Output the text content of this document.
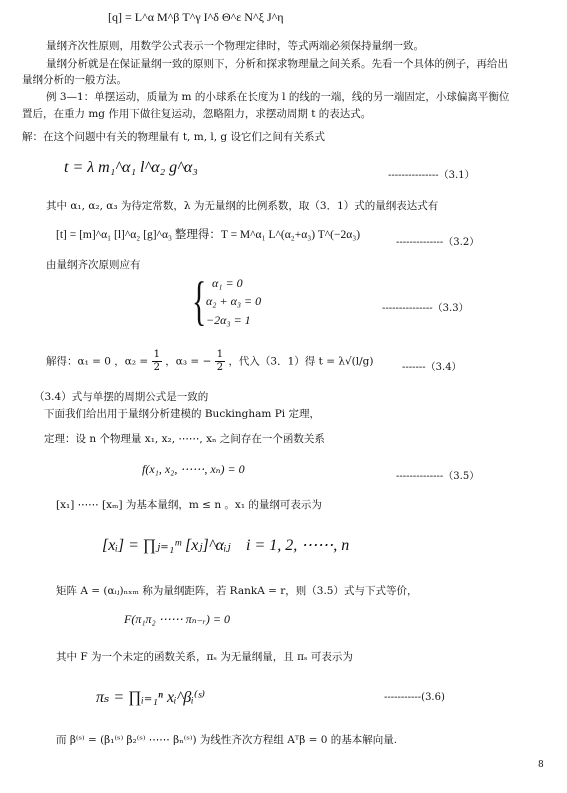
[q] = L^α M^β T^γ I^δ Θ^ε N^ξ J^η
量纲齐次性原则，用数学公式表示一个物理定律时，等式两端必须保持量纲一致。
量纲分析就是在保证量纲一致的原则下，分析和探求物理量之间关系。先看一个具体的例子，再给出
量纲分析的一般方法。
例 3—1：单摆运动，质量为 m 的小球系在长度为 l 的线的一端，线的另一端固定，小球偏离平衡位
置后，在重力 mg 作用下做往复运动，忽略阻力，求摆动周期 t 的表达式。
解：在这个问题中有关的物理量有 t, m, l, g 设它们之间有关系式
t = λ m₁^α₁ l^α₂ g^α₃	---------------（3.1）
其中 α₁, α₂, α₃ 为待定常数，λ 为无量纲的比例系数，取（3．1）式的量纲表达式有
[t] = [m]^α₁ [l]^α₂ [g]^α₃ 整理得：T = M^α₁ L^(α₂+α₃) T^(−2α₃)
--------------（3.2）
由量纲齐次原则应有
{ α₁ = 0
α₂ + α₃ = 0
−2α₃ = 1
---------------（3.3）
解得：α₁ = 0 ，$\alpha_2 = \frac{1}{2}$ ，α₃ = − $\frac{1}{2}$ ，代入（3．1）得 t = λ√(l/g)	-------（3.4）
（3.4）式与单摆的周期公式是一致的
下面我们给出用于量纲分析建模的 Buckingham Pi 定理，
定理：设 n 个物理量 x₁, x₂, ⋯⋯, xₙ 之间存在一个函数关系
f(x₁, x₂, ⋯⋯, xₙ) = 0
--------------（3.5）
[x₁] ⋯⋯ [xₘ] 为基本量纲，m ≤ n 。x₁ 的量纲可表示为
[xᵢ] = ∏ⱼ₌₁ᵐ [xⱼ]^αᵢⱼ i = 1, 2, ⋯⋯, n
矩阵 A = (αᵢⱼ)ₙₓₘ 称为量纲距阵，若 RankA = r，则（3.5）式与下式等价，
F(π₁π₂ ⋯⋯ πₙ₋ᵣ) = 0
其中 F 为一个未定的函数关系，πₛ 为无量纲量，且 πₛ 可表示为
πₛ = ∏ᵢ₌₁ⁿ xᵢ^βᵢ⁽ˢ⁾	-----------(3.6)
而 β⁽ˢ⁾ = (β₁⁽ˢ⁾ β₂⁽ˢ⁾ ⋯⋯ βₙ⁽ˢ⁾) 为线性齐次方程组 Aᵀβ = 0 的基本解向量.
8
